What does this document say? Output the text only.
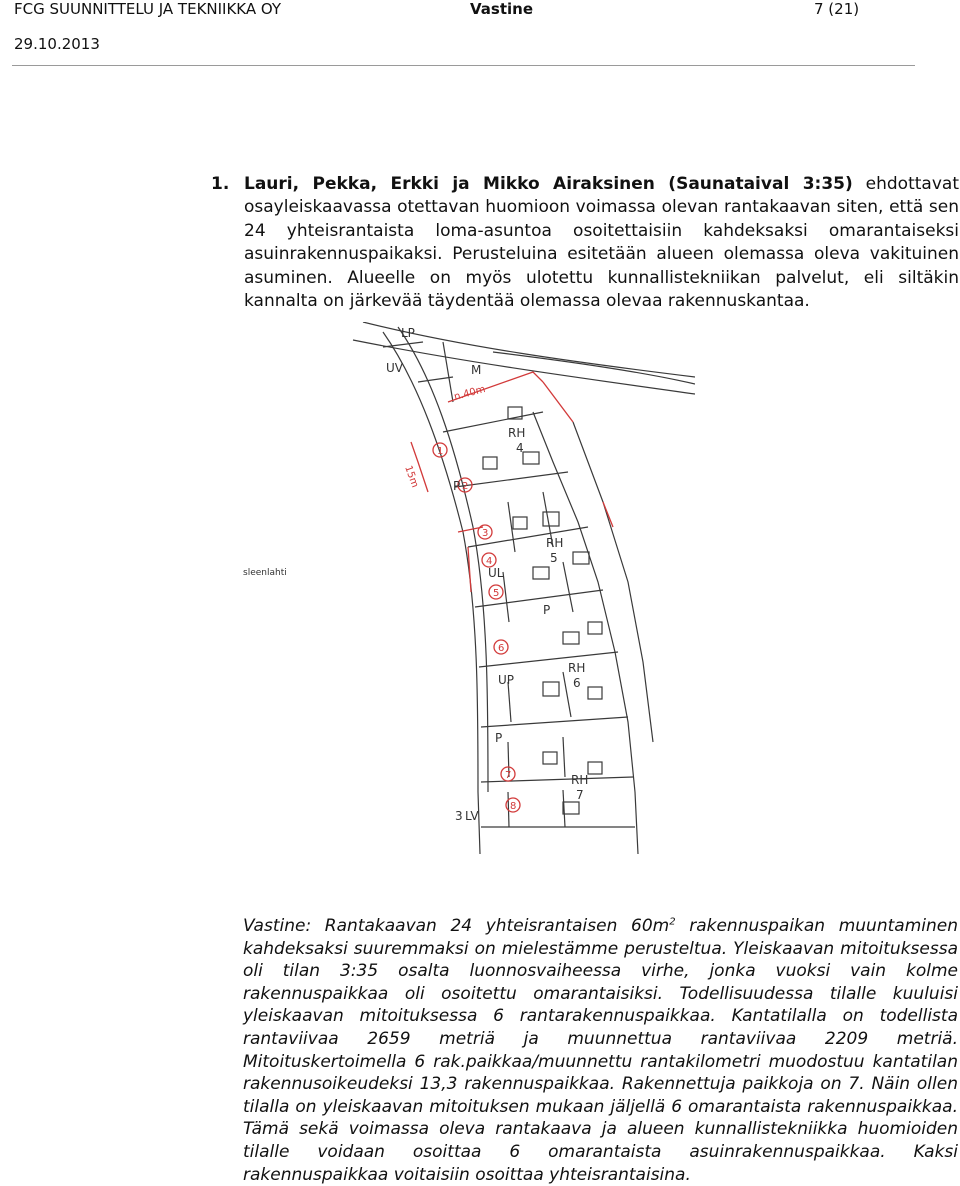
FCG SUUNNITTELU JA TEKNIIKKA OY	Vastine	7 (21)
29.10.2013
1. Lauri, Pekka, Erkki ja Mikko Airaksinen (Saunataival 3:35) ehdottavat osayleiskaavassa otettavan huomioon voimassa olevan rantakaavan siten, että sen 24 yhteisrantaista loma-asuntoa osoitettaisiin kahdeksaksi omarantaiseksi asuinrakennuspaikaksi. Perusteluina esitetään alueen olemassa oleva vakituinen asuminen. Alueelle on myös ulotettu kunnallistekniikan palvelut, eli siltäkin kannalta on järkevää täydentää olemassa olevaa rakennuskantaa.
LP
UV	M
RH
4
P
RH
5
UL
P
RH
6
UP
P
RH
7
LV
3
sleenlahti
n.40m
15m
1
2
3
4
5
6
7
8
Vastine: Rantakaavan 24 yhteisrantaisen $60m^2$ rakennuspaikan muuntaminen kahdeksaksi suuremmaksi on mielestämme perusteltua. Yleiskaavan mitoituksessa oli tilan 3:35 osalta luonnosvaiheessa virhe, jonka vuoksi vain kolme rakennuspaikkaa oli osoitettu omarantaisiksi. Todellisuudessa tilalle kuuluisi yleiskaavan mitoituksessa 6 rantarakennuspaikkaa. Kantatilalla on todellista rantaviivaa 2659 metriä ja muunnettua rantaviivaa 2209 metriä. Mitoituskertoimella 6 rak.paikkaa/muunnettu rantakilometri muodostuu kantatilan rakennusoikeudeksi 13,3 rakennuspaikkaa. Rakennettuja paikkoja on 7. Näin ollen tilalla on yleiskaavan mitoituksen mukaan jäljellä 6 omarantaista rakennuspaikkaa. Tämä sekä voimassa oleva rantakaava ja alueen kunnallistekniikka huomioiden tilalle voidaan osoittaa 6 omarantaista asuinrakennuspaikkaa. Kaksi rakennuspaikkaa voitaisiin osoittaa yhteisrantaisina.
